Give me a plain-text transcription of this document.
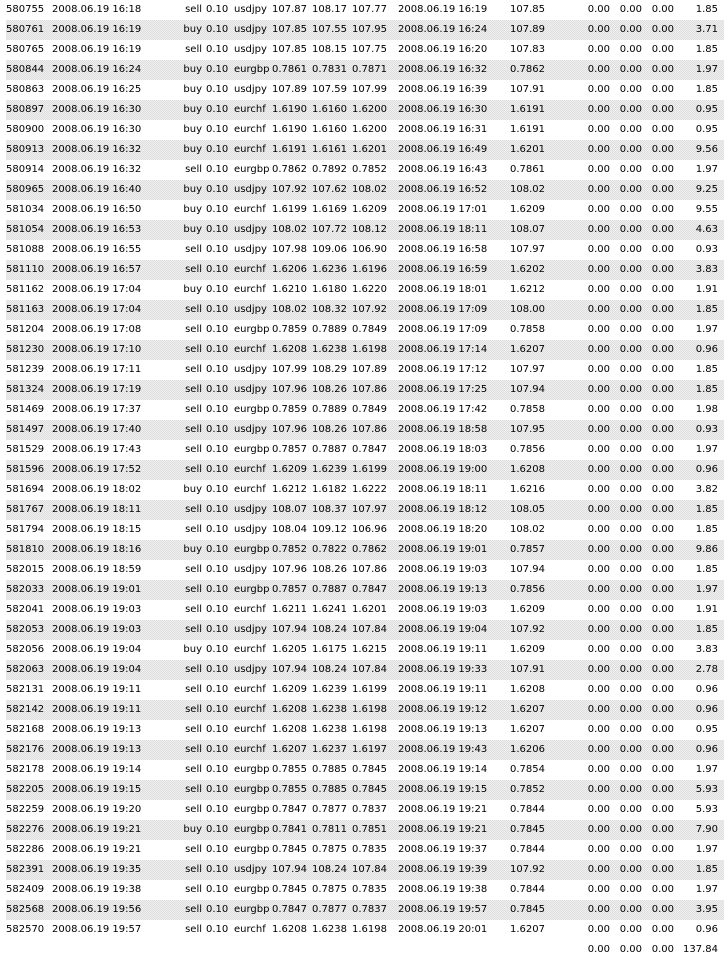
580755	2008.06.19 16:18	sell	0.10	usdjpy	107.87	108.17	107.77	2008.06.19 16:19	107.85	0.00	0.00	0.00	1.85
580761	2008.06.19 16:19	buy	0.10	usdjpy	107.85	107.55	107.95	2008.06.19 16:24	107.89	0.00	0.00	0.00	3.71
580765	2008.06.19 16:19	sell	0.10	usdjpy	107.85	108.15	107.75	2008.06.19 16:20	107.83	0.00	0.00	0.00	1.85
580844	2008.06.19 16:24	buy	0.10	eurgbp	0.7861	0.7831	0.7871	2008.06.19 16:32	0.7862	0.00	0.00	0.00	1.97
580863	2008.06.19 16:25	buy	0.10	usdjpy	107.89	107.59	107.99	2008.06.19 16:39	107.91	0.00	0.00	0.00	1.85
580897	2008.06.19 16:30	buy	0.10	eurchf	1.6190	1.6160	1.6200	2008.06.19 16:30	1.6191	0.00	0.00	0.00	0.95
580900	2008.06.19 16:30	buy	0.10	eurchf	1.6190	1.6160	1.6200	2008.06.19 16:31	1.6191	0.00	0.00	0.00	0.95
580913	2008.06.19 16:32	buy	0.10	eurchf	1.6191	1.6161	1.6201	2008.06.19 16:49	1.6201	0.00	0.00	0.00	9.56
580914	2008.06.19 16:32	sell	0.10	eurgbp	0.7862	0.7892	0.7852	2008.06.19 16:43	0.7861	0.00	0.00	0.00	1.97
580965	2008.06.19 16:40	buy	0.10	usdjpy	107.92	107.62	108.02	2008.06.19 16:52	108.02	0.00	0.00	0.00	9.25
581034	2008.06.19 16:50	buy	0.10	eurchf	1.6199	1.6169	1.6209	2008.06.19 17:01	1.6209	0.00	0.00	0.00	9.55
581054	2008.06.19 16:53	buy	0.10	usdjpy	108.02	107.72	108.12	2008.06.19 18:11	108.07	0.00	0.00	0.00	4.63
581088	2008.06.19 16:55	sell	0.10	usdjpy	107.98	109.06	106.90	2008.06.19 16:58	107.97	0.00	0.00	0.00	0.93
581110	2008.06.19 16:57	sell	0.10	eurchf	1.6206	1.6236	1.6196	2008.06.19 16:59	1.6202	0.00	0.00	0.00	3.83
581162	2008.06.19 17:04	buy	0.10	eurchf	1.6210	1.6180	1.6220	2008.06.19 18:01	1.6212	0.00	0.00	0.00	1.91
581163	2008.06.19 17:04	sell	0.10	usdjpy	108.02	108.32	107.92	2008.06.19 17:09	108.00	0.00	0.00	0.00	1.85
581204	2008.06.19 17:08	sell	0.10	eurgbp	0.7859	0.7889	0.7849	2008.06.19 17:09	0.7858	0.00	0.00	0.00	1.97
581230	2008.06.19 17:10	sell	0.10	eurchf	1.6208	1.6238	1.6198	2008.06.19 17:14	1.6207	0.00	0.00	0.00	0.96
581239	2008.06.19 17:11	sell	0.10	usdjpy	107.99	108.29	107.89	2008.06.19 17:12	107.97	0.00	0.00	0.00	1.85
581324	2008.06.19 17:19	sell	0.10	usdjpy	107.96	108.26	107.86	2008.06.19 17:25	107.94	0.00	0.00	0.00	1.85
581469	2008.06.19 17:37	sell	0.10	eurgbp	0.7859	0.7889	0.7849	2008.06.19 17:42	0.7858	0.00	0.00	0.00	1.98
581497	2008.06.19 17:40	sell	0.10	usdjpy	107.96	108.26	107.86	2008.06.19 18:58	107.95	0.00	0.00	0.00	0.93
581529	2008.06.19 17:43	sell	0.10	eurgbp	0.7857	0.7887	0.7847	2008.06.19 18:03	0.7856	0.00	0.00	0.00	1.97
581596	2008.06.19 17:52	sell	0.10	eurchf	1.6209	1.6239	1.6199	2008.06.19 19:00	1.6208	0.00	0.00	0.00	0.96
581694	2008.06.19 18:02	buy	0.10	eurchf	1.6212	1.6182	1.6222	2008.06.19 18:11	1.6216	0.00	0.00	0.00	3.82
581767	2008.06.19 18:11	sell	0.10	usdjpy	108.07	108.37	107.97	2008.06.19 18:12	108.05	0.00	0.00	0.00	1.85
581794	2008.06.19 18:15	sell	0.10	usdjpy	108.04	109.12	106.96	2008.06.19 18:20	108.02	0.00	0.00	0.00	1.85
581810	2008.06.19 18:16	buy	0.10	eurgbp	0.7852	0.7822	0.7862	2008.06.19 19:01	0.7857	0.00	0.00	0.00	9.86
582015	2008.06.19 18:59	sell	0.10	usdjpy	107.96	108.26	107.86	2008.06.19 19:03	107.94	0.00	0.00	0.00	1.85
582033	2008.06.19 19:01	sell	0.10	eurgbp	0.7857	0.7887	0.7847	2008.06.19 19:13	0.7856	0.00	0.00	0.00	1.97
582041	2008.06.19 19:03	sell	0.10	eurchf	1.6211	1.6241	1.6201	2008.06.19 19:03	1.6209	0.00	0.00	0.00	1.91
582053	2008.06.19 19:03	sell	0.10	usdjpy	107.94	108.24	107.84	2008.06.19 19:04	107.92	0.00	0.00	0.00	1.85
582056	2008.06.19 19:04	buy	0.10	eurchf	1.6205	1.6175	1.6215	2008.06.19 19:11	1.6209	0.00	0.00	0.00	3.83
582063	2008.06.19 19:04	sell	0.10	usdjpy	107.94	108.24	107.84	2008.06.19 19:33	107.91	0.00	0.00	0.00	2.78
582131	2008.06.19 19:11	sell	0.10	eurchf	1.6209	1.6239	1.6199	2008.06.19 19:11	1.6208	0.00	0.00	0.00	0.96
582142	2008.06.19 19:11	sell	0.10	eurchf	1.6208	1.6238	1.6198	2008.06.19 19:12	1.6207	0.00	0.00	0.00	0.96
582168	2008.06.19 19:13	sell	0.10	eurchf	1.6208	1.6238	1.6198	2008.06.19 19:13	1.6207	0.00	0.00	0.00	0.95
582176	2008.06.19 19:13	sell	0.10	eurchf	1.6207	1.6237	1.6197	2008.06.19 19:43	1.6206	0.00	0.00	0.00	0.96
582178	2008.06.19 19:14	sell	0.10	eurgbp	0.7855	0.7885	0.7845	2008.06.19 19:14	0.7854	0.00	0.00	0.00	1.97
582205	2008.06.19 19:15	sell	0.10	eurgbp	0.7855	0.7885	0.7845	2008.06.19 19:15	0.7852	0.00	0.00	0.00	5.93
582259	2008.06.19 19:20	sell	0.10	eurgbp	0.7847	0.7877	0.7837	2008.06.19 19:21	0.7844	0.00	0.00	0.00	5.93
582276	2008.06.19 19:21	buy	0.10	eurgbp	0.7841	0.7811	0.7851	2008.06.19 19:21	0.7845	0.00	0.00	0.00	7.90
582286	2008.06.19 19:21	sell	0.10	eurgbp	0.7845	0.7875	0.7835	2008.06.19 19:37	0.7844	0.00	0.00	0.00	1.97
582391	2008.06.19 19:35	sell	0.10	usdjpy	107.94	108.24	107.84	2008.06.19 19:39	107.92	0.00	0.00	0.00	1.85
582409	2008.06.19 19:38	sell	0.10	eurgbp	0.7845	0.7875	0.7835	2008.06.19 19:38	0.7844	0.00	0.00	0.00	1.97
582568	2008.06.19 19:56	sell	0.10	eurgbp	0.7847	0.7877	0.7837	2008.06.19 19:57	0.7845	0.00	0.00	0.00	3.95
582570	2008.06.19 19:57	sell	0.10	eurchf	1.6208	1.6238	1.6198	2008.06.19 20:01	1.6207	0.00	0.00	0.00	0.96
										0.00	0.00	0.00	137.84
